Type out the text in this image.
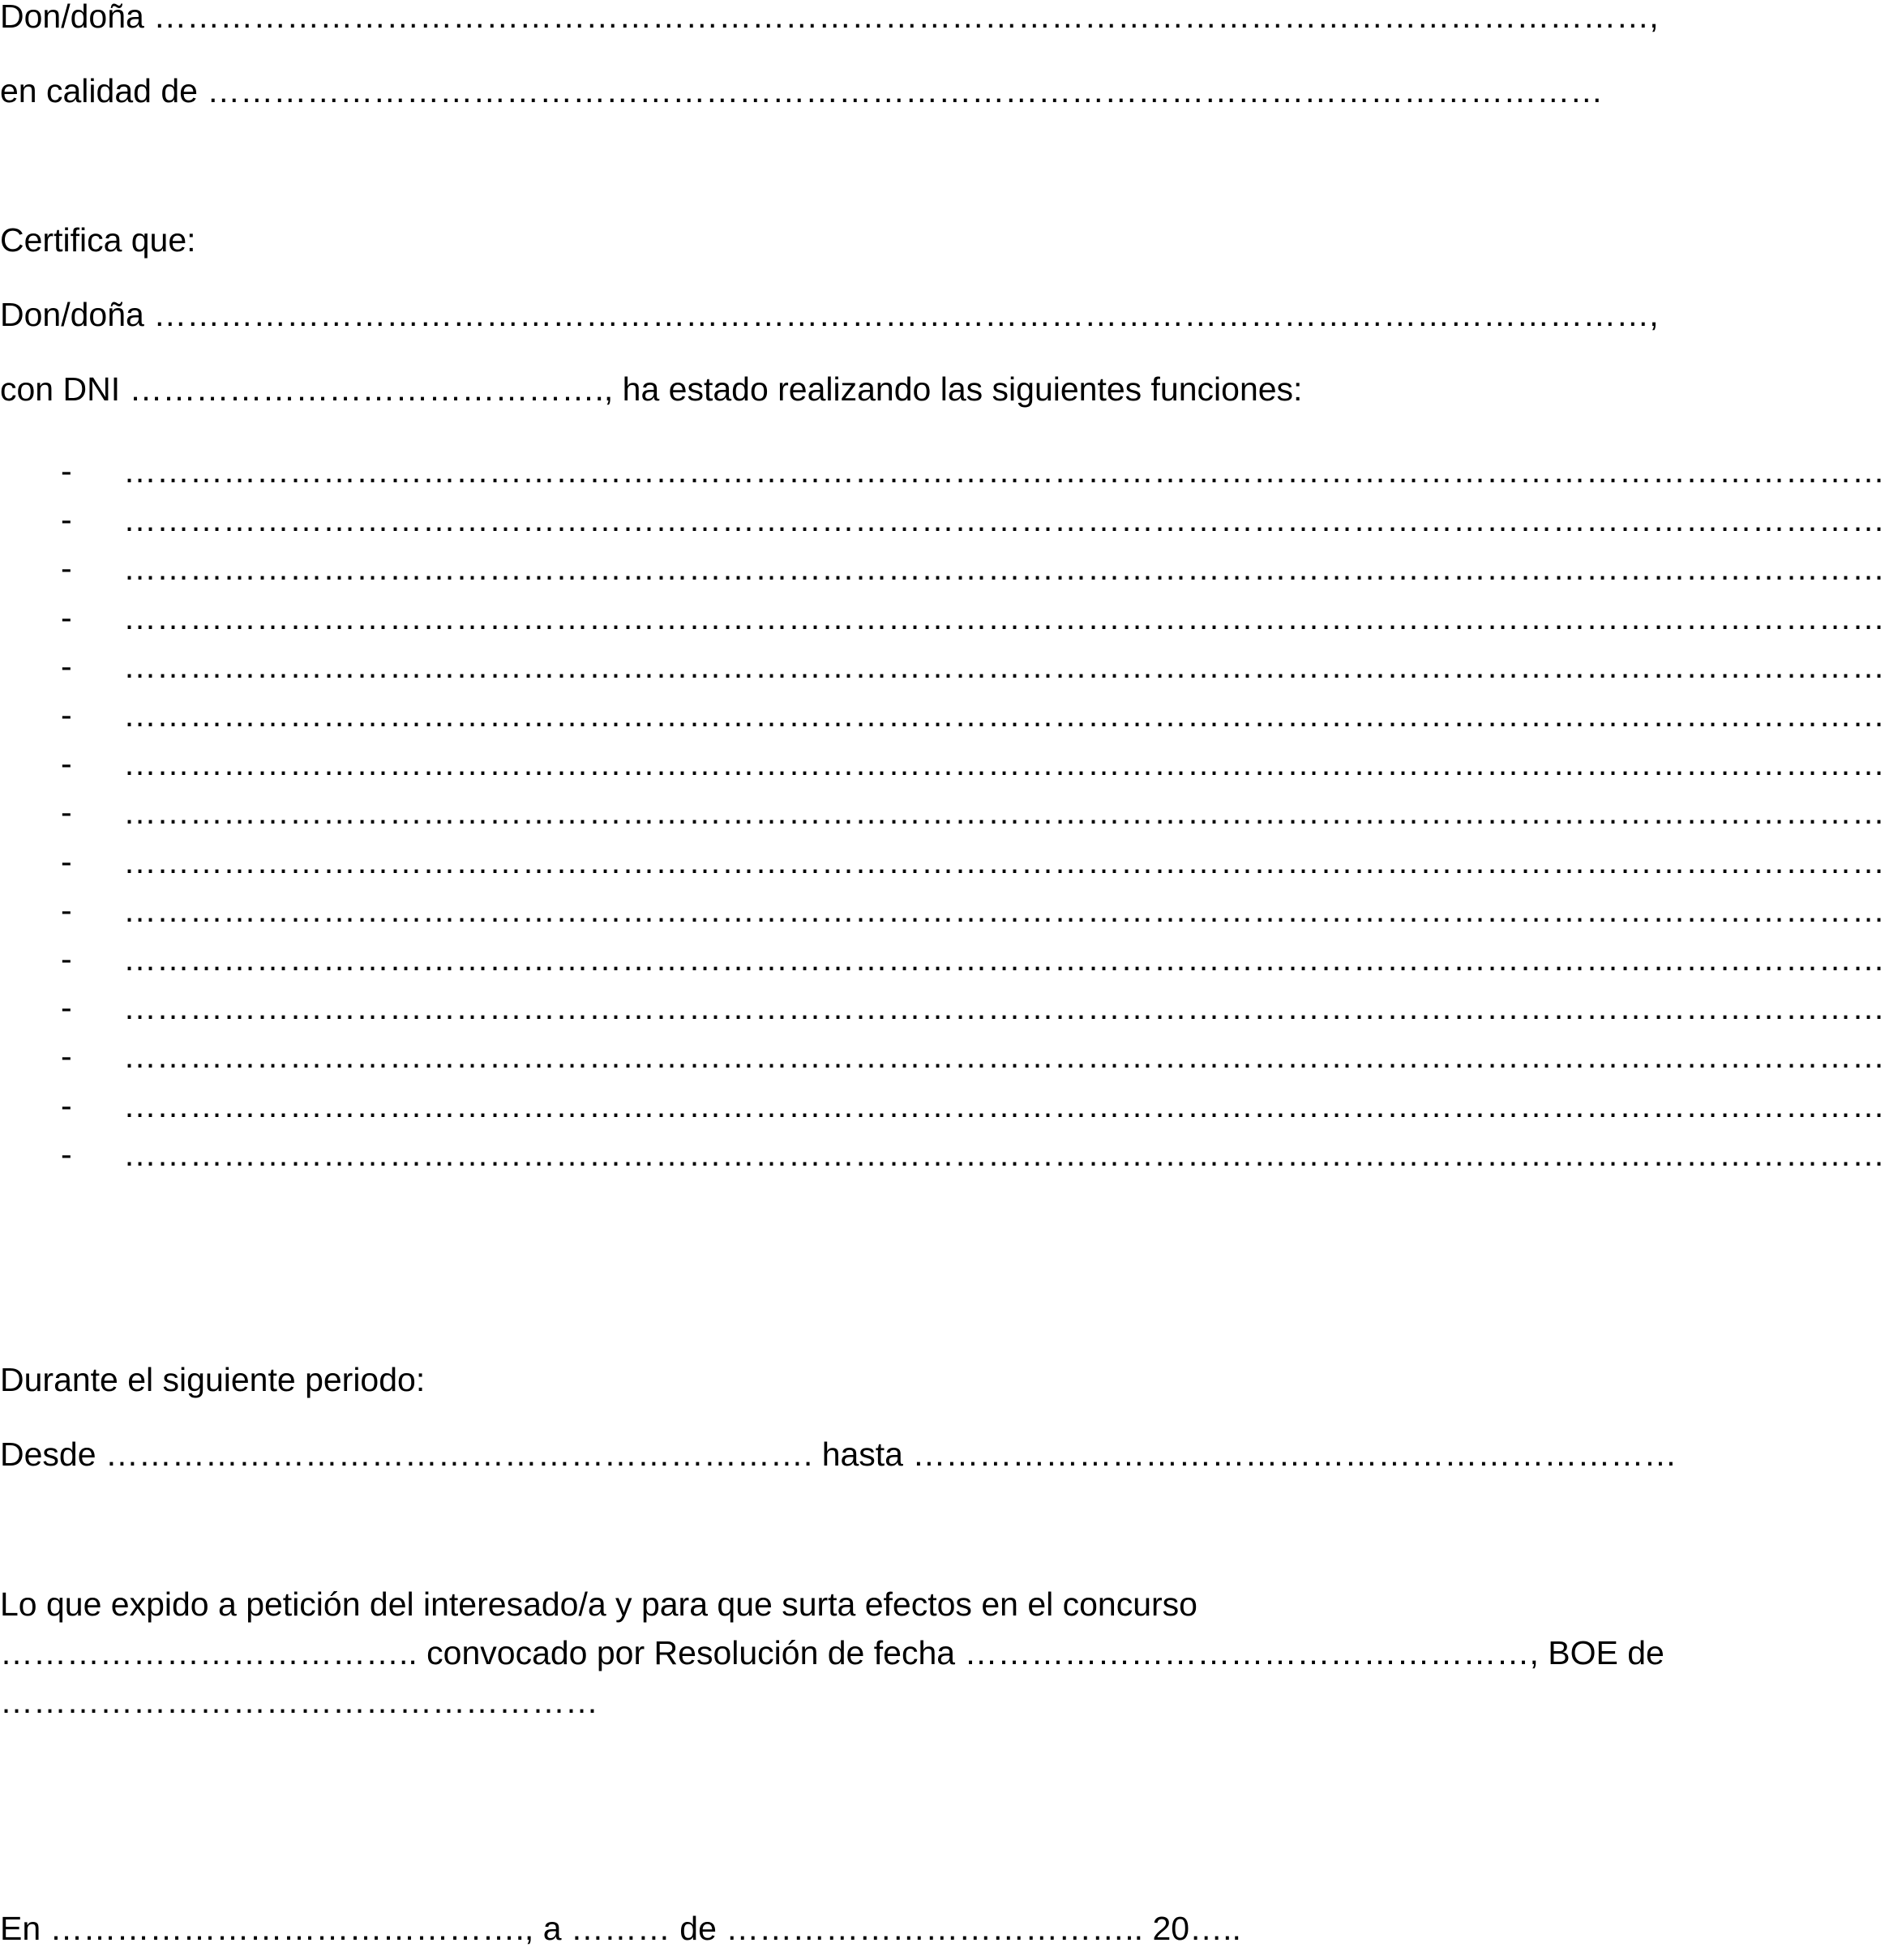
Don/doña ………………………………………………………………………………………………………………………,
en calidad de ………………………………………………………………………………………………………………
Certifica que:
Don/doña ………………………………………………………………………………………………………………………,
con DNI ……………………………………., ha estado realizando las siguientes funciones:
- ……………………………………………………………………………………………………………………………………………
- ……………………………………………………………………………………………………………………………………………
- ……………………………………………………………………………………………………………………………………………
- ……………………………………………………………………………………………………………………………………………
- ……………………………………………………………………………………………………………………………………………
- ……………………………………………………………………………………………………………………………………………
- ……………………………………………………………………………………………………………………………………………
- ……………………………………………………………………………………………………………………………………………
- ……………………………………………………………………………………………………………………………………………
- ……………………………………………………………………………………………………………………………………………
- ……………………………………………………………………………………………………………………………………………
- ……………………………………………………………………………………………………………………………………………
- ……………………………………………………………………………………………………………………………………………
- ……………………………………………………………………………………………………………………………………………
- ……………………………………………………………………………………………………………………………………………
Durante el siguiente periodo:
Desde ………………………………………………………. hasta ……………………………………………………………
Lo que expido a petición del interesado/a y para que surta efectos en el concurso
……………………………….. convocado por Resolución de fecha ……………………………………………, BOE de
………………………………………………
En ……………………………………., a ……… de ……………………………….. 20…..
